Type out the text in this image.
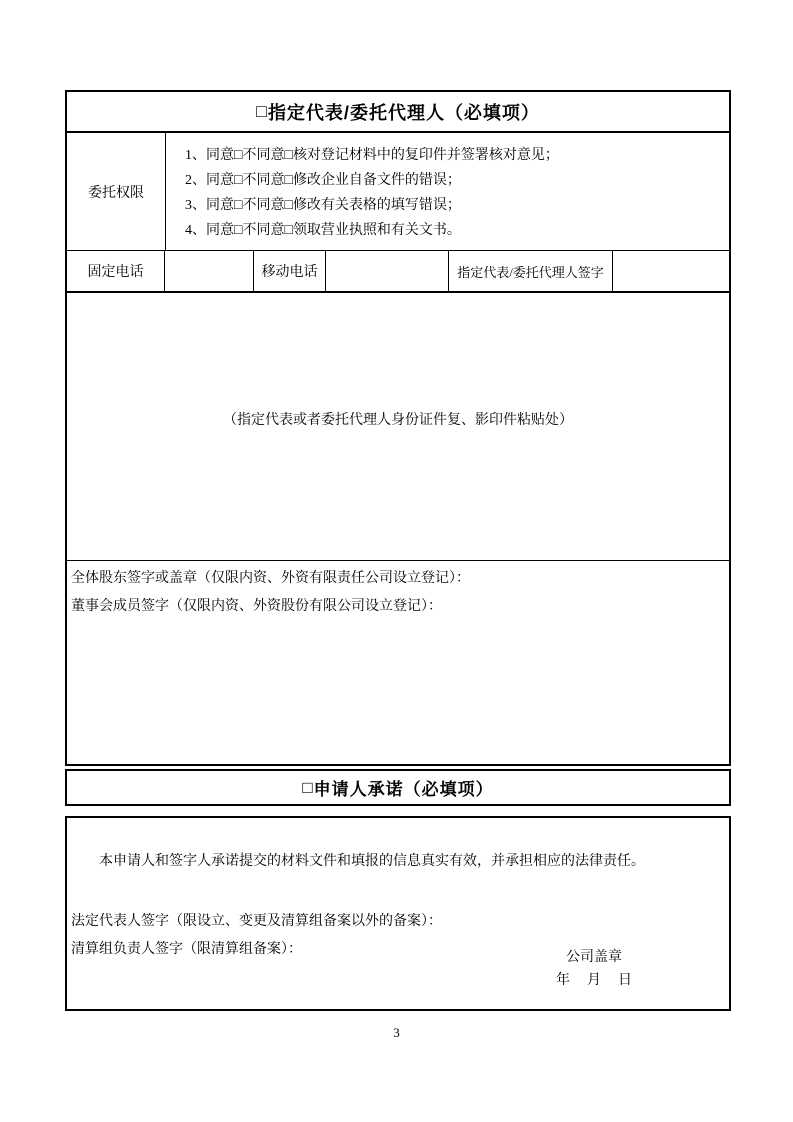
□ 指定代表/委托代理人（必填项）
委托权限
1、同意□不同意□核对登记材料中的复印件并签署核对意见；
2、同意□不同意□修改企业自备文件的错误；
3、同意□不同意□修改有关表格的填写错误；
4、同意□不同意□领取营业执照和有关文书。
固定电话	移动电话	指定代表/委托代理人签字
（指定代表或者委托代理人身份证件复、影印件粘贴处）
全体股东签字或盖章（仅限内资、外资有限责任公司设立登记）：
董事会成员签字（仅限内资、外资股份有限公司设立登记）：
□ 申请人承诺（必填项）
本申请人和签字人承诺提交的材料文件和填报的信息真实有效，并承担相应的法律责任。
法定代表人签字（限设立、变更及清算组备案以外的备案）：
清算组负责人签字（限清算组备案）：
公司盖章
年 月 日
3
